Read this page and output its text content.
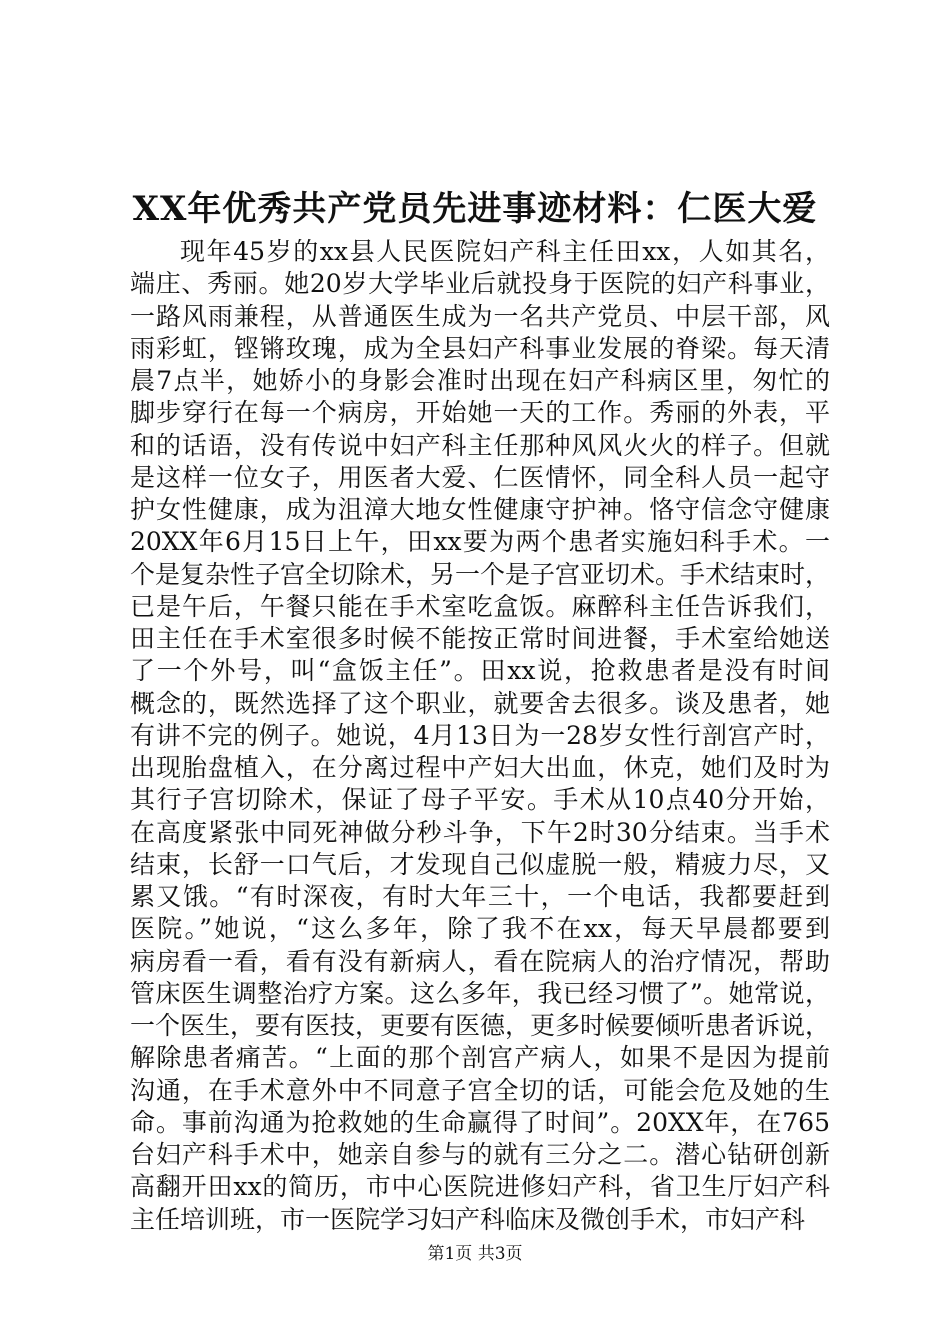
XX年优秀共产党员先进事迹材料：仁医大爱
现年45岁的xx县人民医院妇产科主任田xx，人如其名，
端庄、秀丽。她20岁大学毕业后就投身于医院的妇产科事业，
一路风雨兼程，从普通医生成为一名共产党员、中层干部，风
雨彩虹，铿锵玫瑰，成为全县妇产科事业发展的脊梁。每天清
晨7点半，她娇小的身影会准时出现在妇产科病区里，匆忙的
脚步穿行在每一个病房，开始她一天的工作。秀丽的外表，平
和的话语，没有传说中妇产科主任那种风风火火的样子。但就
是这样一位女子，用医者大爱、仁医情怀，同全科人员一起守
护女性健康，成为沮漳大地女性健康守护神。恪守信念守健康
20XX年6月15日上午，田xx要为两个患者实施妇科手术。一
个是复杂性子宫全切除术，另一个是子宫亚切术。手术结束时，
已是午后，午餐只能在手术室吃盒饭。麻醉科主任告诉我们，
田主任在手术室很多时候不能按正常时间进餐，手术室给她送
了一个外号，叫“盒饭主任”。田xx说，抢救患者是没有时间
概念的，既然选择了这个职业，就要舍去很多。谈及患者，她
有讲不完的例子。她说，4月13日为一28岁女性行剖宫产时，
出现胎盘植入，在分离过程中产妇大出血，休克，她们及时为
其行子宫切除术，保证了母子平安。手术从10点40分开始，
在高度紧张中同死神做分秒斗争，下午2时30分结束。当手术
结束，长舒一口气后，才发现自己似虚脱一般，精疲力尽，又
累又饿。“有时深夜，有时大年三十，一个电话，我都要赶到
医院。”她说，“这么多年，除了我不在xx，每天早晨都要到
病房看一看，看有没有新病人，看在院病人的治疗情况，帮助
管床医生调整治疗方案。这么多年，我已经习惯了”。她常说，
一个医生，要有医技，更要有医德，更多时候要倾听患者诉说，
解除患者痛苦。“上面的那个剖宫产病人，如果不是因为提前
沟通，在手术意外中不同意子宫全切的话，可能会危及她的生
命。事前沟通为抢救她的生命赢得了时间”。20XX年，在765
台妇产科手术中，她亲自参与的就有三分之二。潜心钻研创新
高翻开田xx的简历，市中心医院进修妇产科，省卫生厅妇产科
主任培训班，市一医院学习妇产科临床及微创手术，市妇产科
第1页 共3页
